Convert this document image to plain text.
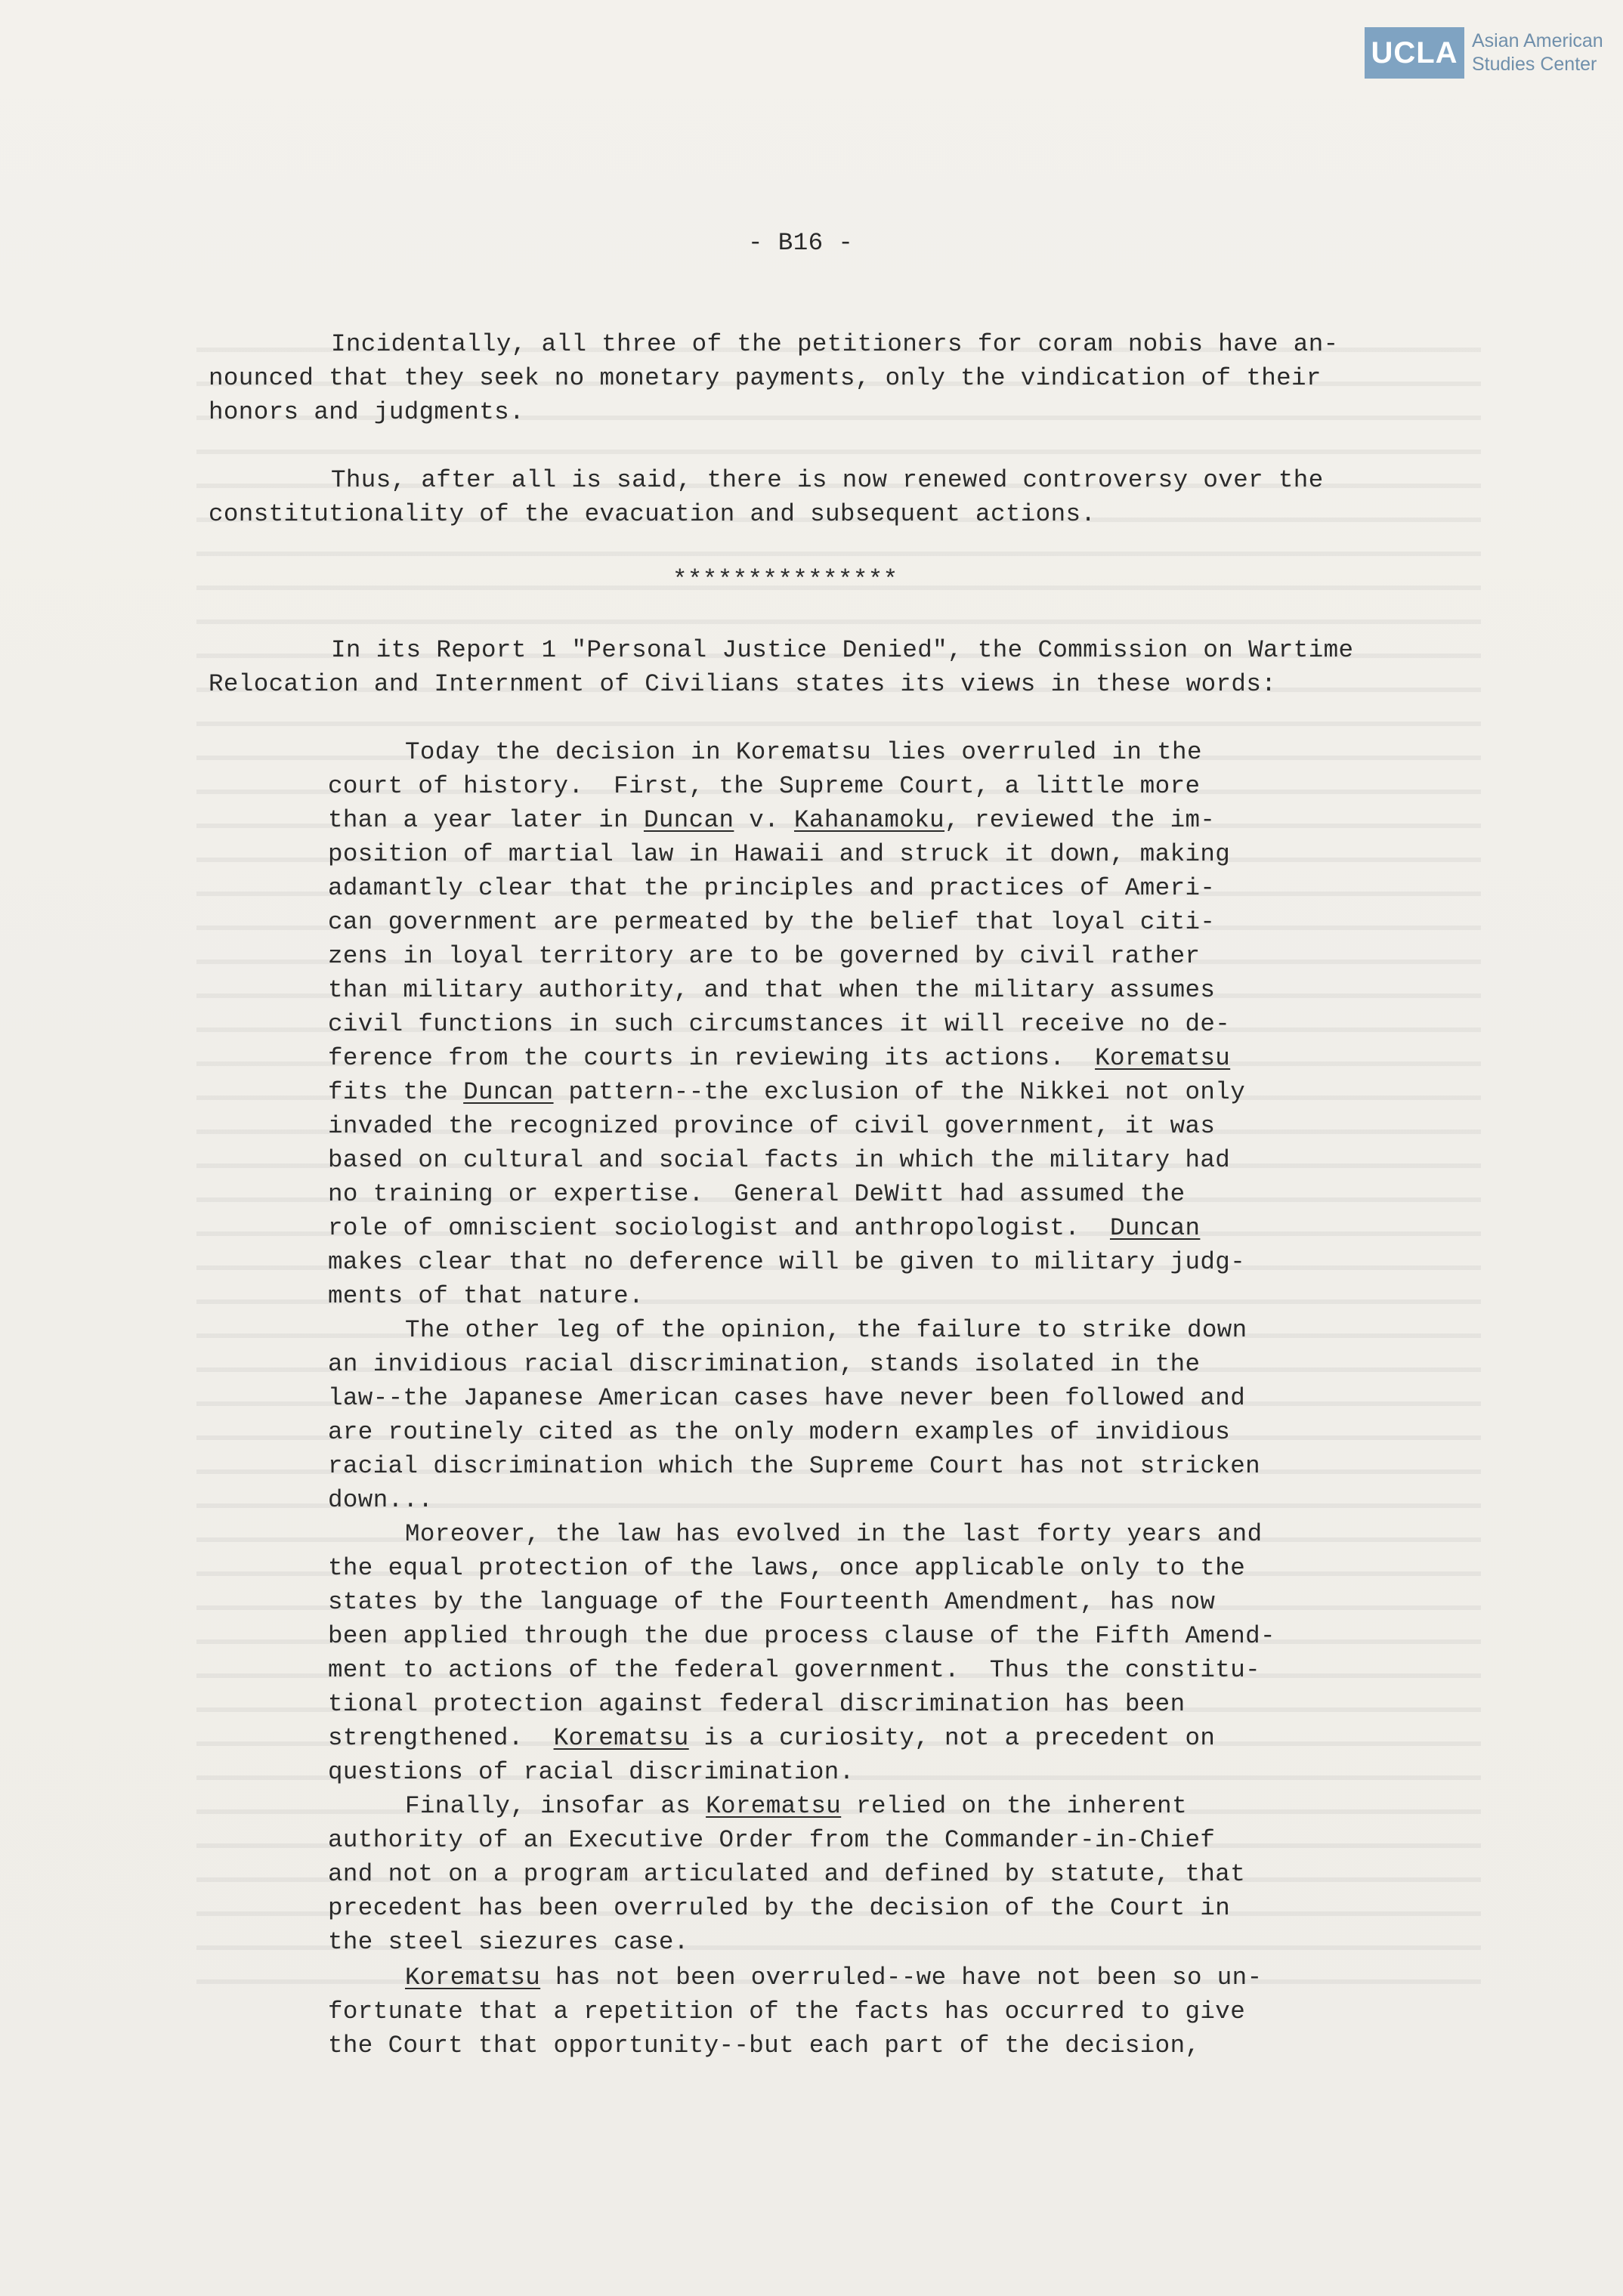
UCLA Asian American
Studies Center
- B16 -
Incidentally, all three of the petitioners for coram nobis have an-
nounced that they seek no monetary payments, only the vindication of their
honors and judgments.
Thus, after all is said, there is now renewed controversy over the
constitutionality of the evacuation and subsequent actions.
***************
In its Report 1 "Personal Justice Denied", the Commission on Wartime
Relocation and Internment of Civilians states its views in these words:
Today the decision in Korematsu lies overruled in the
court of history.  First, the Supreme Court, a little more
than a year later in Duncan v. Kahanamoku, reviewed the im-
position of martial law in Hawaii and struck it down, making
adamantly clear that the principles and practices of Ameri-
can government are permeated by the belief that loyal citi-
zens in loyal territory are to be governed by civil rather
than military authority, and that when the military assumes
civil functions in such circumstances it will receive no de-
ference from the courts in reviewing its actions.  Korematsu
fits the Duncan pattern--the exclusion of the Nikkei not only
invaded the recognized province of civil government, it was
based on cultural and social facts in which the military had
no training or expertise.  General DeWitt had assumed the
role of omniscient sociologist and anthropologist.  Duncan
makes clear that no deference will be given to military judg-
ments of that nature.
The other leg of the opinion, the failure to strike down
an invidious racial discrimination, stands isolated in the
law--the Japanese American cases have never been followed and
are routinely cited as the only modern examples of invidious
racial discrimination which the Supreme Court has not stricken
down...
Moreover, the law has evolved in the last forty years and
the equal protection of the laws, once applicable only to the
states by the language of the Fourteenth Amendment, has now
been applied through the due process clause of the Fifth Amend-
ment to actions of the federal government.  Thus the constitu-
tional protection against federal discrimination has been
strengthened.  Korematsu is a curiosity, not a precedent on
questions of racial discrimination.
Finally, insofar as Korematsu relied on the inherent
authority of an Executive Order from the Commander-in-Chief
and not on a program articulated and defined by statute, that
precedent has been overruled by the decision of the Court in
the steel siezures case.
Korematsu has not been overruled--we have not been so un-
fortunate that a repetition of the facts has occurred to give
the Court that opportunity--but each part of the decision,
